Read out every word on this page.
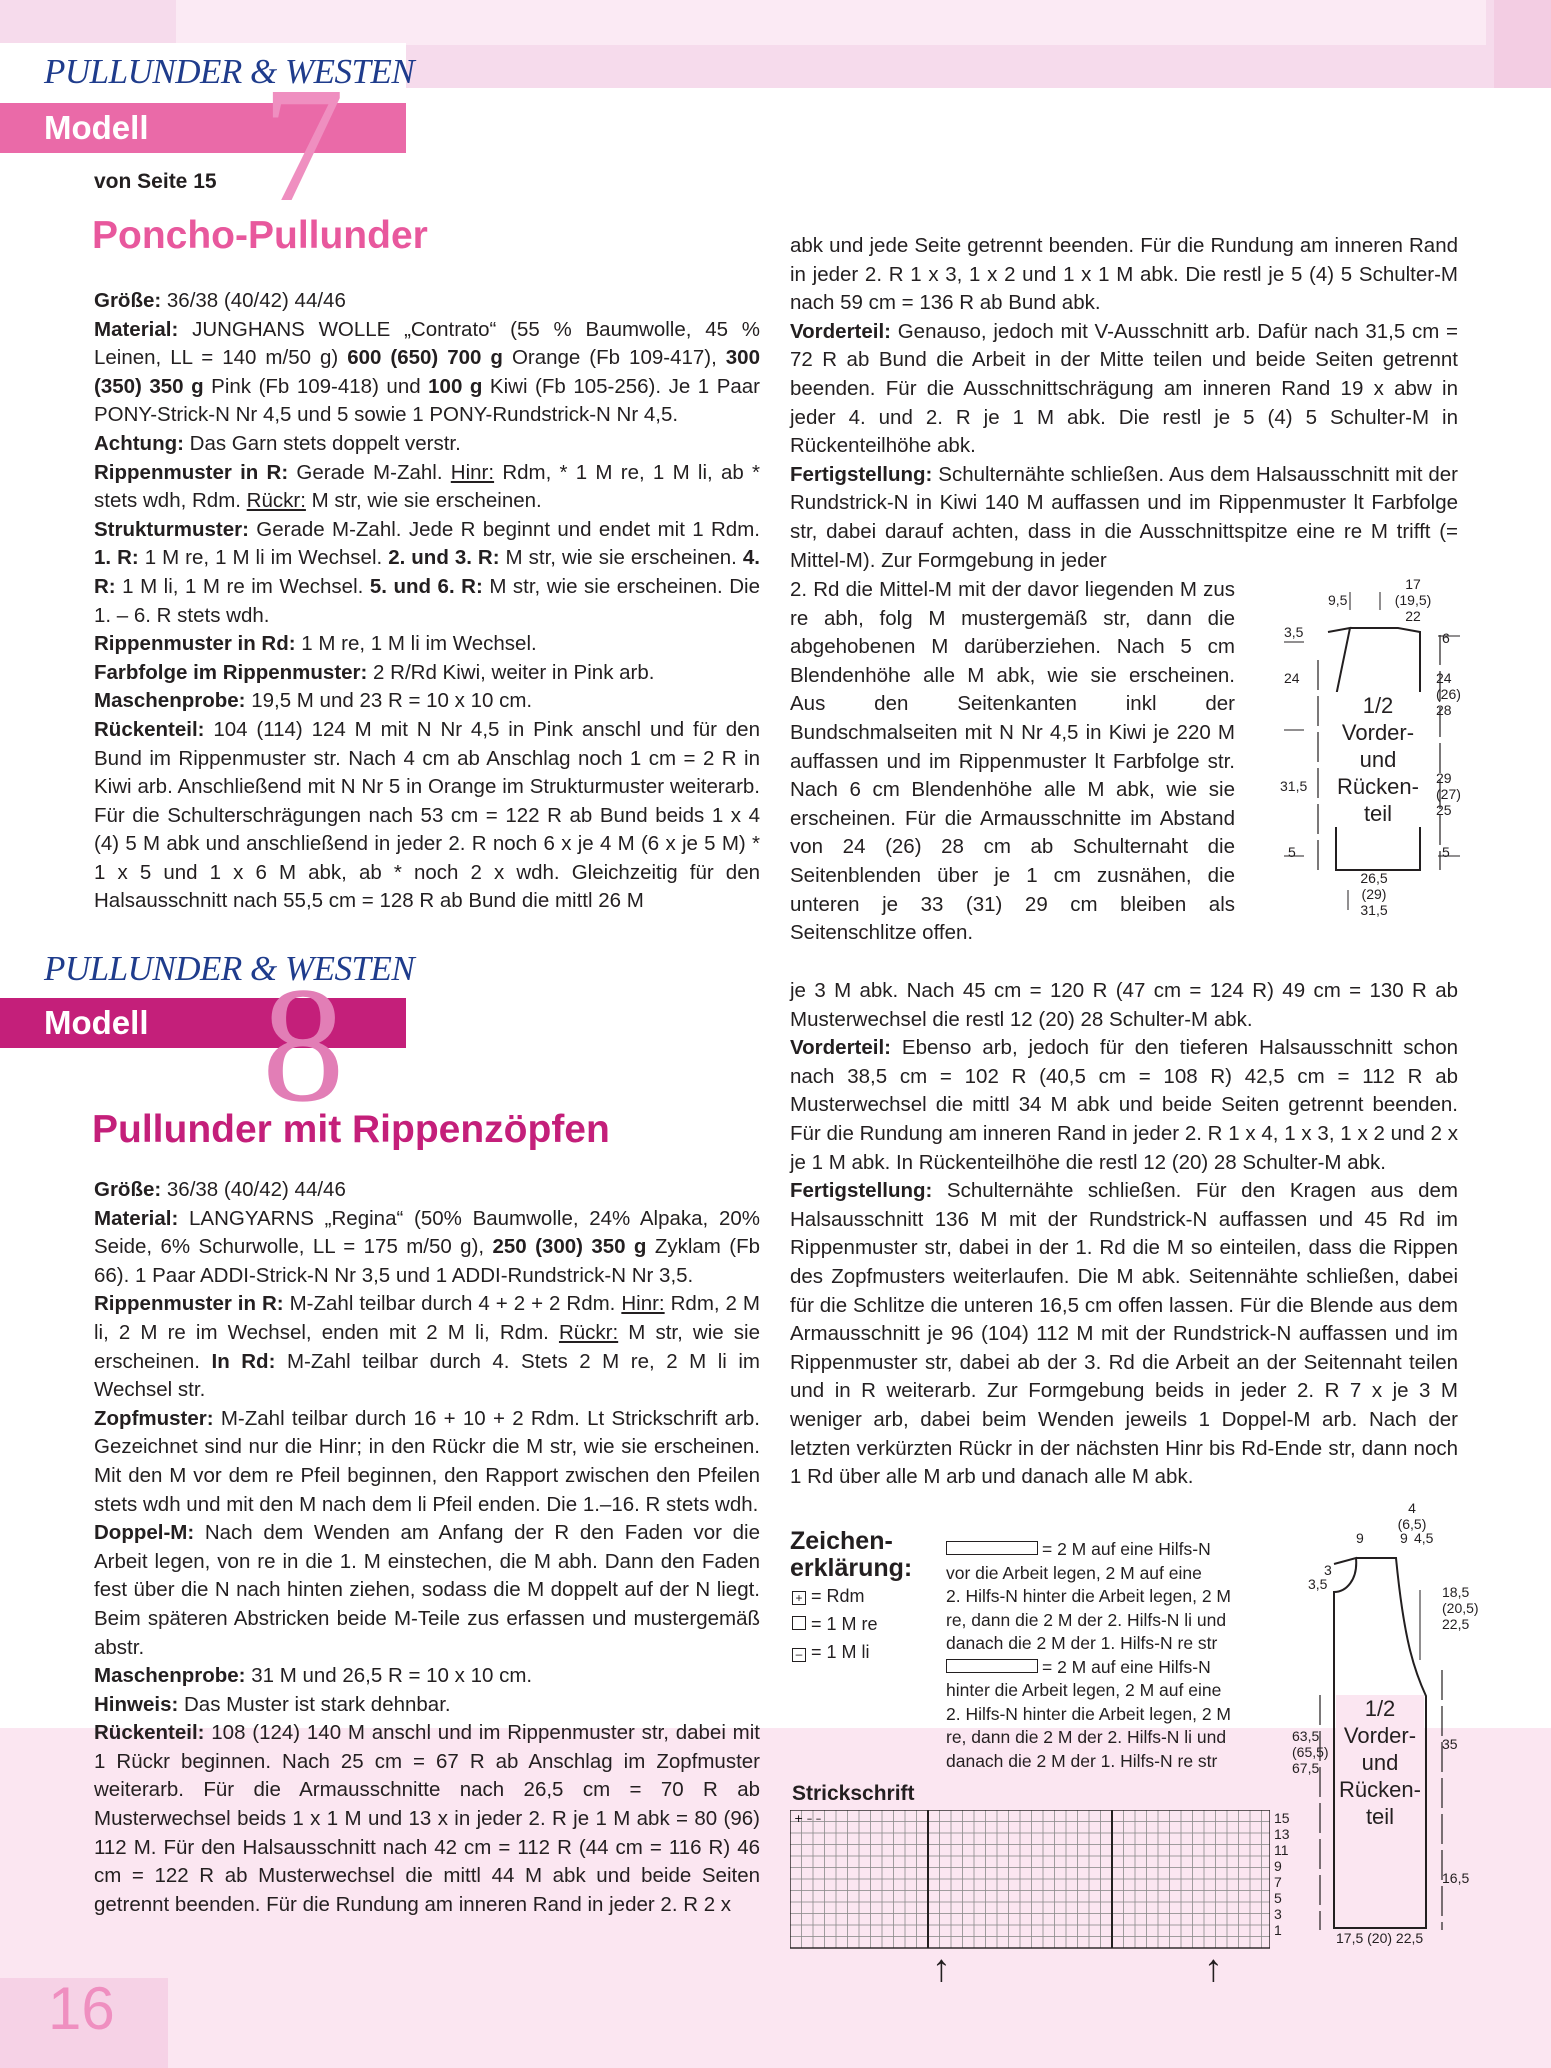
PULLUNDER & WESTEN
Modell 7
von Seite 15
Poncho-Pullunder

Größe: 36/38 (40/42) 44/46

Material: JUNGHANS WOLLE „Contrato“ (55 % Baumwolle, 45 % Leinen, LL = 140 m/50 g) 600 (650) 700 g Orange (Fb 109-417), 300 (350) 350 g Pink (Fb 109-418) und 100 g Kiwi (Fb 105-256). Je 1 Paar PONY-Strick-N Nr 4,5 und 5 sowie 1 PONY-Rundstrick-N Nr 4,5.

Achtung: Das Garn stets doppelt verstr.

Rippenmuster in R: Gerade M-Zahl. Hinr: Rdm, * 1 M re, 1 M li, ab * stets wdh, Rdm. Rückr: M str, wie sie erscheinen.

Strukturmuster: Gerade M-Zahl. Jede R beginnt und endet mit 1 Rdm. 1. R: 1 M re, 1 M li im Wechsel. 2. und 3. R: M str, wie sie erscheinen. 4. R: 1 M li, 1 M re im Wechsel. 5. und 6. R: M str, wie sie erscheinen. Die 1. – 6. R stets wdh.

Rippenmuster in Rd: 1 M re, 1 M li im Wechsel.

Farbfolge im Rippenmuster: 2 R/Rd Kiwi, weiter in Pink arb.

Maschenprobe: 19,5 M und 23 R = 10 x 10 cm.

Rückenteil: 104 (114) 124 M mit N Nr 4,5 in Pink anschl und für den Bund im Rippenmuster str. Nach 4 cm ab Anschlag noch 1 cm = 2 R in Kiwi arb. Anschließend mit N Nr 5 in Orange im Strukturmuster weiterarb. Für die Schulterschrägungen nach 53 cm = 122 R ab Bund beids 1 x 4 (4) 5 M abk und anschließend in jeder 2. R noch 6 x je 4 M (6 x je 5 M) * 1 x 5 und 1 x 6 M abk, ab * noch 2 x wdh. Gleichzeitig für den Halsausschnitt nach 55,5 cm = 128 R ab Bund die mittl 26 M

abk und jede Seite getrennt beenden. Für die Rundung am inneren Rand in jeder 2. R 1 x 3, 1 x 2 und 1 x 1 M abk. Die restl je 5 (4) 5 Schulter-M nach 59 cm = 136 R ab Bund abk.

Vorderteil: Genauso, jedoch mit V-Ausschnitt arb. Dafür nach 31,5 cm = 72 R ab Bund die Arbeit in der Mitte teilen und beide Seiten getrennt beenden. Für die Ausschnittschrägung am inneren Rand 19 x abw in jeder 4. und 2. R je 1 M abk. Die restl je 5 (4) 5 Schulter-M in Rückenteilhöhe abk.

Fertigstellung: Schulternähte schließen. Aus dem Halsausschnitt mit der Rundstrick-N in Kiwi 140 M auffassen und im Rippenmuster lt Farbfolge str, dabei darauf achten, dass in die Ausschnittspitze eine re M trifft (= Mittel-M). Zur Formgebung in jeder

2. Rd die Mittel-M mit der davor liegenden M zus re abh, folg M mustergemäß str, dann die abgehobenen M darüberziehen. Nach 5 cm Blendenhöhe alle M abk, wie sie erscheinen. Aus den Seitenkanten inkl der Bundschmalseiten mit N Nr 4,5 in Kiwi je 220 M auffassen und im Rippenmuster lt Farbfolge str. Nach 6 cm Blendenhöhe alle M abk, wie sie erscheinen. Für die Armausschnitte im Abstand von 24 (26) 28 cm ab Schulternaht die Seitenblenden über je 1 cm zusnähen, die unteren je 33 (31) 29 cm bleiben als Seitenschlitze offen.

9,5
17
(19,5)
22
3,5
24
31,5
5
6
24
(26)
28
29
(27)
25
5
26,5
(29)
31,5
1/2
Vorder-
und
Rücken-
teil
PULLUNDER & WESTEN
Modell 8
Pullunder mit Rippenzöpfen

Größe: 36/38 (40/42) 44/46

Material: LANGYARNS „Regina“ (50% Baumwolle, 24% Alpaka, 20% Seide, 6% Schurwolle, LL = 175 m/50 g), 250 (300) 350 g Zyklam (Fb 66). 1 Paar ADDI-Strick-N Nr 3,5 und 1 ADDI-Rundstrick-N Nr 3,5.

Rippenmuster in R: M-Zahl teilbar durch 4 + 2 + 2 Rdm. Hinr: Rdm, 2 M li, 2 M re im Wechsel, enden mit 2 M li, Rdm. Rückr: M str, wie sie erscheinen. In Rd: M-Zahl teilbar durch 4. Stets 2 M re, 2 M li im Wechsel str.

Zopfmuster: M-Zahl teilbar durch 16 + 10 + 2 Rdm. Lt Strickschrift arb. Gezeichnet sind nur die Hinr; in den Rückr die M str, wie sie erscheinen. Mit den M vor dem re Pfeil beginnen, den Rapport zwischen den Pfeilen stets wdh und mit den M nach dem li Pfeil enden. Die 1.–16. R stets wdh.

Doppel-M: Nach dem Wenden am Anfang der R den Faden vor die Arbeit legen, von re in die 1. M einstechen, die M abh. Dann den Faden fest über die N nach hinten ziehen, sodass die M doppelt auf der N liegt. Beim späteren Abstricken beide M-Teile zus erfassen und mustergemäß abstr.

Maschenprobe: 31 M und 26,5 R = 10 x 10 cm.

Hinweis: Das Muster ist stark dehnbar.

Rückenteil: 108 (124) 140 M anschl und im Rippenmuster str, dabei mit 1 Rückr beginnen. Nach 25 cm = 67 R ab Anschlag im Zopfmuster weiterarb. Für die Armausschnitte nach 26,5 cm = 70 R ab Musterwechsel beids 1 x 1 M und 13 x in jeder 2. R je 1 M abk = 80 (96) 112 M. Für den Halsausschnitt nach 42 cm = 112 R (44 cm = 116 R) 46 cm = 122 R ab Musterwechsel die mittl 44 M abk und beide Seiten getrennt beenden. Für die Rundung am inneren Rand in jeder 2. R 2 x

je 3 M abk. Nach 45 cm = 120 R (47 cm = 124 R) 49 cm = 130 R ab Musterwechsel die restl 12 (20) 28 Schulter-M abk.

Vorderteil: Ebenso arb, jedoch für den tieferen Halsausschnitt schon nach 38,5 cm = 102 R (40,5 cm = 108 R) 42,5 cm = 112 R ab Musterwechsel die mittl 34 M abk und beide Seiten getrennt beenden. Für die Rundung am inneren Rand in jeder 2. R 1 x 4, 1 x 3, 1 x 2 und 2 x je 1 M abk. In Rückenteilhöhe die restl 12 (20) 28 Schulter-M abk.

Fertigstellung: Schulternähte schließen. Für den Kragen aus dem Halsausschnitt 136 M mit der Rundstrick-N auffassen und 45 Rd im Rippenmuster str, dabei in der 1. Rd die M so einteilen, dass die Rippen des Zopfmusters weiterlaufen. Die M abk. Seitennähte schließen, dabei für die Schlitze die unteren 16,5 cm offen lassen. Für die Blende aus dem Armausschnitt je 96 (104) 112 M mit der Rundstrick-N auffassen und im Rippenmuster str, dabei ab der 3. Rd die Arbeit an der Seitennaht teilen und in R weiterarb. Zur Formgebung beids in jeder 2. R 7 x je 3 M weniger arb, dabei beim Wenden jeweils 1 Doppel-M arb. Nach der letzten verkürzten Rückr in der nächsten Hinr bis Rd-Ende str, dann noch 1 Rd über alle M arb und danach alle M abk.

Zeichen-
erklärung:
+ = Rdm
= 1 M re
– = 1 M li
= 2 M auf eine Hilfs-N
vor die Arbeit legen, 2 M auf eine
2. Hilfs-N hinter die Arbeit legen, 2 M
re, dann die 2 M der 2. Hilfs-N li und
danach die 2 M der 1. Hilfs-N re str
= 2 M auf eine Hilfs-N
hinter die Arbeit legen, 2 M auf eine
2. Hilfs-N hinter die Arbeit legen, 2 M
re, dann die 2 M der 2. Hilfs-N li und
danach die 2 M der 1. Hilfs-N re str
Strickschrift
+ – –	15
13
11
9
7
5
3
1
↑	↑
4
(6,5)
9	9 4,5
3
3,5
63,5
(65,5)
67,5
18,5
(20,5)
22,5
35
16,5
17,5 (20) 22,5
1/2
Vorder-
und
Rücken-
teil
16
